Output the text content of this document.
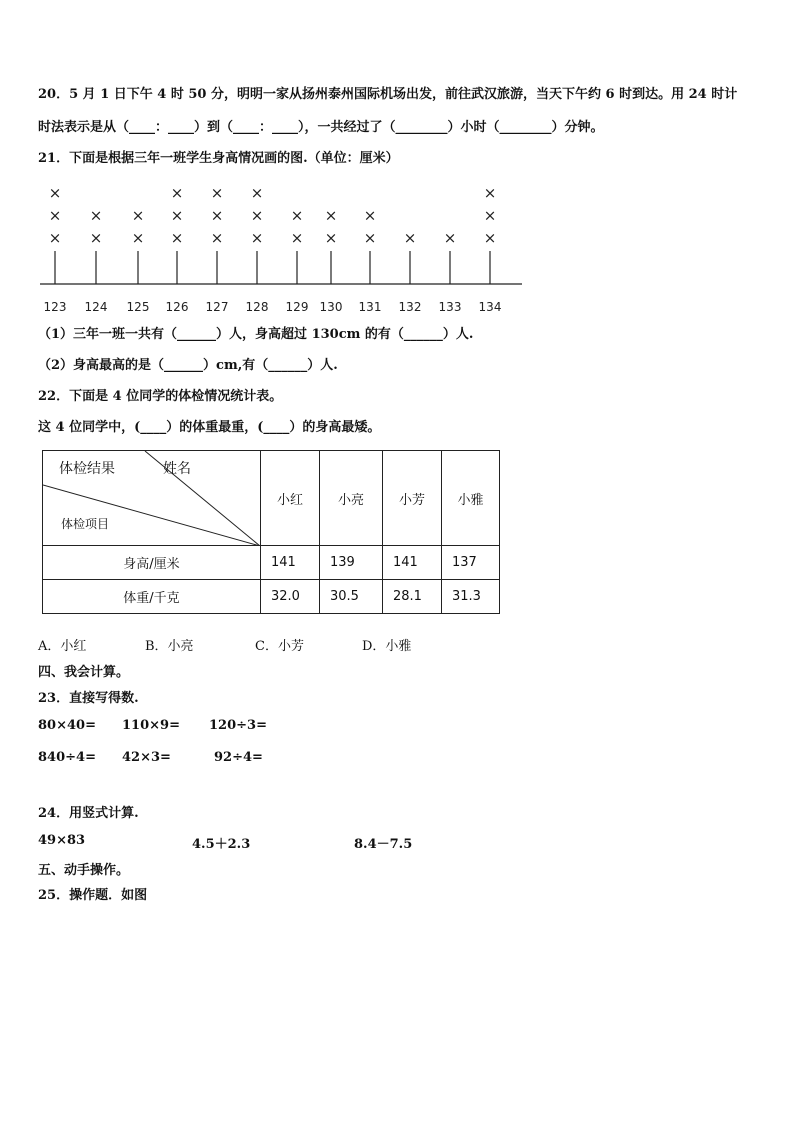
20．5 月 1 日下午 4 时 50 分，明明一家从扬州泰州国际机场出发，前往武汉旅游，当天下午约 6 时到达。用 24 时计
时法表示是从（____：____）到（____：____），一共经过了（________）小时（________）分钟。
21．下面是根据三年一班学生身高情况画的图.（单位：厘米）
123
×
×
×
124
×
×
125
×
×
126
×
×
×
127
×
×
×
128
×
×
×
129
×
×
130
×
×
131
×
×
132
×
133
×
134
×
×
×
（1）三年一班一共有（______）人，身高超过 130cm 的有（______）人.
（2）身高最高的是（______）cm,有（______）人.
22．下面是 4 位同学的体检情况统计表。
这 4 位同学中，(____）的体重最重，(____）的身高最矮。
体检结果 姓名
体检项目	小红	小亮	小芳	小雅
身高/厘米	141	139	141	137
体重/千克	32.0	30.5	28.1	31.3
A．小红	B．小亮	C．小芳	D．小雅
四、我会计算。
23．直接写得数.
80×40= 110×9= 120÷3=
840÷4= 42×3=	92÷4=
24．用竖式计算.
49×83	4.5＋2.3	8.4－7.5
五、动手操作。
25．操作题．如图
